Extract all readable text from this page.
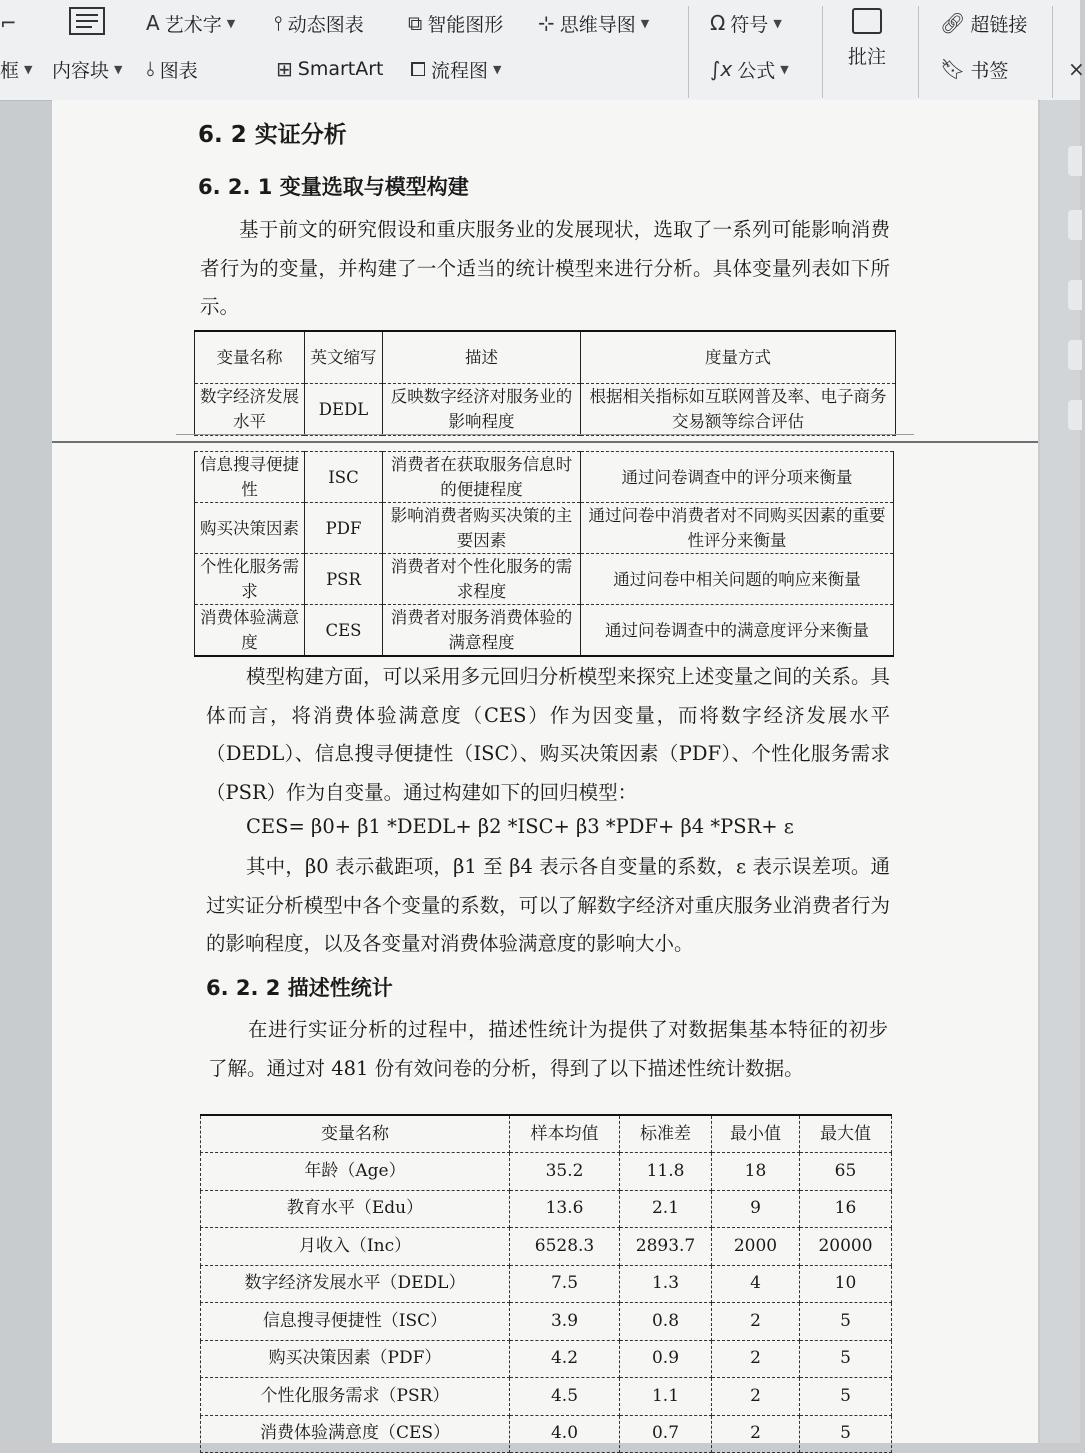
⌐	A 艺术字 ▼ ⫯ 动态图表 ⧉ 智能图形 ⊹ 思维导图 ▼	Ω 符号 ▼	🔗︎ 超链接
框 ▼ 内容块 ▼ ⫰ 图表	⊞ SmartArt ⧠ 流程图 ▼	∫x 公式 ▼
批注	🔖︎ 书签	×
6. 2 实证分析
6. 2. 1 变量选取与模型构建
基于前文的研究假设和重庆服务业的发展现状，选取了一系列可能影响消费者行为的变量，并构建了一个适当的统计模型来进行分析。具体变量列表如下所示。
变量名称	英文缩写	描述	度量方式
数字经济发展水平	DEDL	反映数字经济对服务业的影响程度	根据相关指标如互联网普及率、电子商务交易额等综合评估
信息搜寻便捷性	ISC	消费者在获取服务信息时的便捷程度	通过问卷调查中的评分项来衡量
购买决策因素	PDF	影响消费者购买决策的主要因素	通过问卷中消费者对不同购买因素的重要性评分来衡量
个性化服务需求	PSR	消费者对个性化服务的需求程度	通过问卷中相关问题的响应来衡量
消费体验满意度	CES	消费者对服务消费体验的满意程度	通过问卷调查中的满意度评分来衡量
模型构建方面，可以采用多元回归分析模型来探究上述变量之间的关系。具体而言，将消费体验满意度（CES）作为因变量，而将数字经济发展水平（DEDL）、信息搜寻便捷性（ISC）、购买决策因素（PDF）、个性化服务需求（PSR）作为自变量。通过构建如下的回归模型：
CES= β0+ β1 *DEDL+ β2 *ISC+ β3 *PDF+ β4 *PSR+ ε
其中，β0 表示截距项，β1 至 β4 表示各自变量的系数，ε 表示误差项。通过实证分析模型中各个变量的系数，可以了解数字经济对重庆服务业消费者行为的影响程度，以及各变量对消费体验满意度的影响大小。
6. 2. 2 描述性统计
在进行实证分析的过程中，描述性统计为提供了对数据集基本特征的初步了解。通过对 481 份有效问卷的分析，得到了以下描述性统计数据。
变量名称	样本均值	标准差	最小值	最大值
年龄（Age）	35.2	11.8	18	65
教育水平（Edu）	13.6	2.1	9	16
月收入（Inc）	6528.3	2893.7	2000	20000
数字经济发展水平（DEDL）	7.5	1.3	4	10
信息搜寻便捷性（ISC）	3.9	0.8	2	5
购买决策因素（PDF）	4.2	0.9	2	5
个性化服务需求（PSR）	4.5	1.1	2	5
消费体验满意度（CES）	4.0	0.7	2	5
